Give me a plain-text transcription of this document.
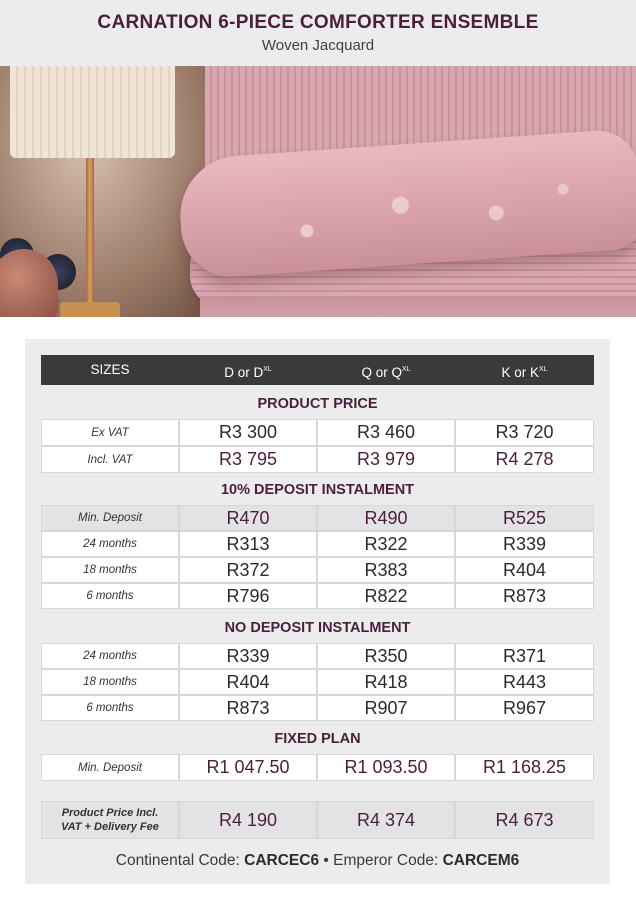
CARNATION 6-PIECE COMFORTER ENSEMBLE
Woven Jacquard
SIZES	D or $D^{XL}$	Q or $Q^{XL}$	K or $K^{XL}$
PRODUCT PRICE
Ex VAT	R3 300	R3 460	R3 720
Incl. VAT	R3 795	R3 979	R4 278
10% DEPOSIT INSTALMENT
Min. Deposit	R470	R490	R525
24 months	R313	R322	R339
18 months	R372	R383	R404
6 months	R796	R822	R873
NO DEPOSIT INSTALMENT
24 months	R339	R350	R371
18 months	R404	R418	R443
6 months	R873	R907	R967
FIXED PLAN
Min. Deposit	R1 047.50	R1 093.50	R1 168.25
Product Price Incl.
VAT + Delivery Fee	R4 190	R4 374	R4 673
Continental Code: CARCEC6 • Emperor Code: CARCEM6
